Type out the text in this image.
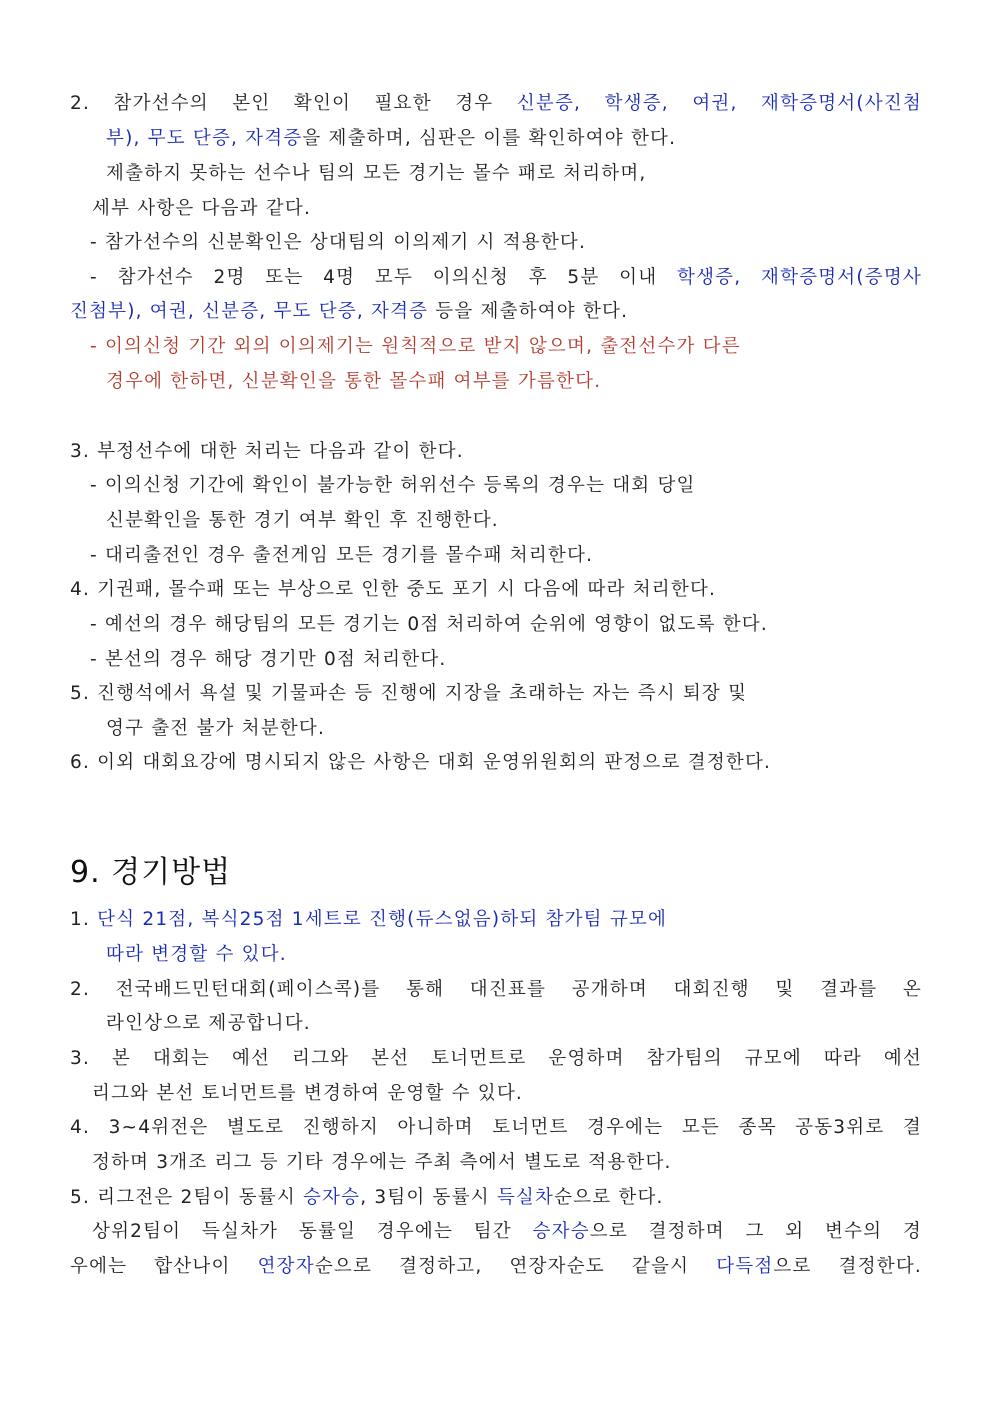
2. 참가선수의 본인 확인이 필요한 경우 신분증, 학생증, 여권, 재학증명서(사진첨
부), 무도 단증, 자격증을 제출하며, 심판은 이를 확인하여야 한다.
제출하지 못하는 선수나 팀의 모든 경기는 몰수 패로 처리하며,
세부 사항은 다음과 같다.
- 참가선수의 신분확인은 상대팀의 이의제기 시 적용한다.
- 참가선수 2명 또는 4명 모두 이의신청 후 5분 이내 학생증, 재학증명서(증명사
진첨부), 여권, 신분증, 무도 단증, 자격증 등을 제출하여야 한다.
- 이의신청 기간 외의 이의제기는 원칙적으로 받지 않으며, 출전선수가 다른
경우에 한하면, 신분확인을 통한 몰수패 여부를 가름한다.
3. 부정선수에 대한 처리는 다음과 같이 한다.
- 이의신청 기간에 확인이 불가능한 허위선수 등록의 경우는 대회 당일
신분확인을 통한 경기 여부 확인 후 진행한다.
- 대리출전인 경우 출전게임 모든 경기를 몰수패 처리한다.
4. 기권패, 몰수패 또는 부상으로 인한 중도 포기 시 다음에 따라 처리한다.
- 예선의 경우 해당팀의 모든 경기는 0점 처리하여 순위에 영향이 없도록 한다.
- 본선의 경우 해당 경기만 0점 처리한다.
5. 진행석에서 욕설 및 기물파손 등 진행에 지장을 초래하는 자는 즉시 퇴장 및
영구 출전 불가 처분한다.
6. 이외 대회요강에 명시되지 않은 사항은 대회 운영위원회의 판정으로 결정한다.
9. 경기방법
1. 단식 21점, 복식25점 1세트로 진행(듀스없음)하되 참가팀 규모에
따라 변경할 수 있다.
2. 전국배드민턴대회(페이스콕)를 통해 대진표를 공개하며 대회진행 및 결과를 온
라인상으로 제공합니다.
3. 본 대회는 예선 리그와 본선 토너먼트로 운영하며 참가팀의 규모에 따라 예선
리그와 본선 토너먼트를 변경하여 운영할 수 있다.
4. 3~4위전은 별도로 진행하지 아니하며 토너먼트 경우에는 모든 종목 공동3위로 결
정하며 3개조 리그 등 기타 경우에는 주최 측에서 별도로 적용한다.
5. 리그전은 2팀이 동률시 승자승, 3팀이 동률시 득실차순으로 한다.
상위2팀이 득실차가 동률일 경우에는 팀간 승자승으로 결정하며 그 외 변수의 경
우에는 합산나이 연장자순으로 결정하고, 연장자순도 같을시 다득점으로 결정한다.
